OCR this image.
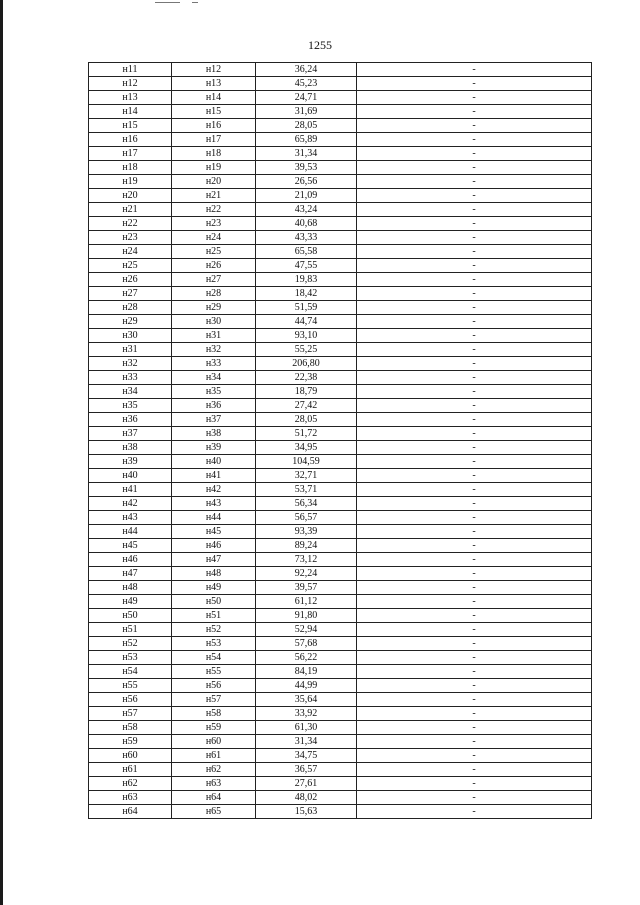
1255
н11	н12	36,24	-
н12	н13	45,23	-
н13	н14	24,71	-
н14	н15	31,69	-
н15	н16	28,05	-
н16	н17	65,89	-
н17	н18	31,34	-
н18	н19	39,53	-
н19	н20	26,56	-
н20	н21	21,09	-
н21	н22	43,24	-
н22	н23	40,68	-
н23	н24	43,33	-
н24	н25	65,58	-
н25	н26	47,55	-
н26	н27	19,83	-
н27	н28	18,42	-
н28	н29	51,59	-
н29	н30	44,74	-
н30	н31	93,10	-
н31	н32	55,25	-
н32	н33	206,80	-
н33	н34	22,38	-
н34	н35	18,79	-
н35	н36	27,42	-
н36	н37	28,05	-
н37	н38	51,72	-
н38	н39	34,95	-
н39	н40	104,59	-
н40	н41	32,71	-
н41	н42	53,71	-
н42	н43	56,34	-
н43	н44	56,57	-
н44	н45	93,39	-
н45	н46	89,24	-
н46	н47	73,12	-
н47	н48	92,24	-
н48	н49	39,57	-
н49	н50	61,12	-
н50	н51	91,80	-
н51	н52	52,94	-
н52	н53	57,68	-
н53	н54	56,22	-
н54	н55	84,19	-
н55	н56	44,99	-
н56	н57	35,64	-
н57	н58	33,92	-
н58	н59	61,30	-
н59	н60	31,34	-
н60	н61	34,75	-
н61	н62	36,57	-
н62	н63	27,61	-
н63	н64	48,02	-
н64	н65	15,63	-
